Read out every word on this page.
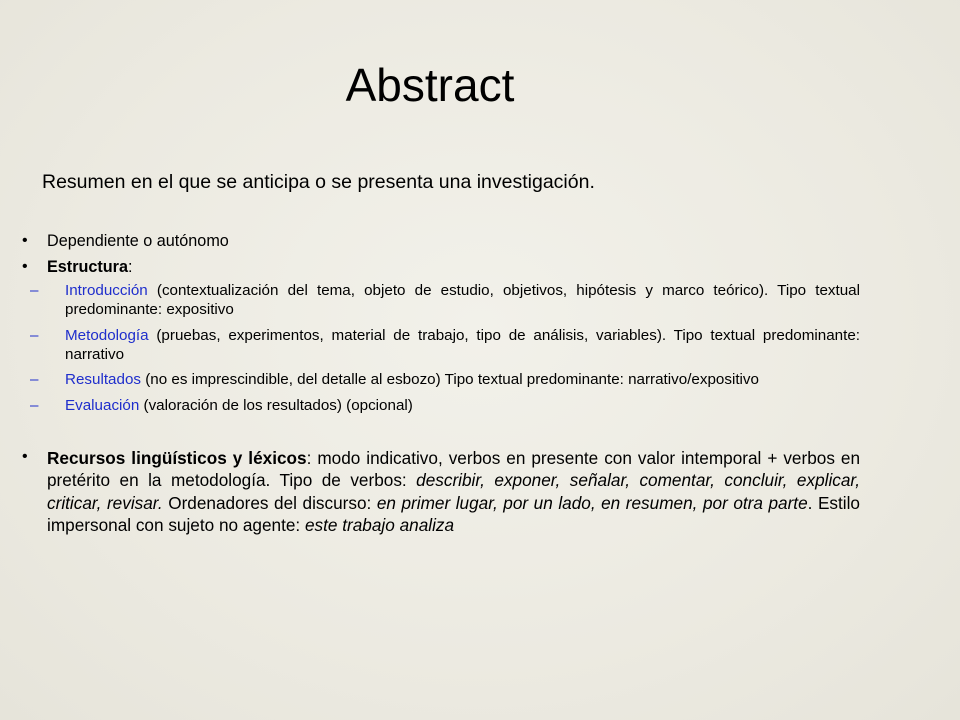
Abstract
Resumen en el que se anticipa o se presenta una investigación.
• Dependiente o autónomo
• Estructura:
– Introducción (contextualización del tema, objeto de estudio, objetivos, hipótesis y marco teórico). Tipo textual predominante: expositivo
– Metodología (pruebas, experimentos, material de trabajo, tipo de análisis, variables). Tipo textual predominante: narrativo
– Resultados (no es imprescindible, del detalle al esbozo) Tipo textual predominante: narrativo/expositivo
– Evaluación (valoración de los resultados) (opcional)
• Recursos lingüísticos y léxicos: modo indicativo, verbos en presente con valor intemporal + verbos en pretérito en la metodología. Tipo de verbos: describir, exponer, señalar, comentar, concluir, explicar, criticar, revisar. Ordenadores del discurso: en primer lugar, por un lado, en resumen, por otra parte. Estilo impersonal con sujeto no agente: este trabajo analiza
